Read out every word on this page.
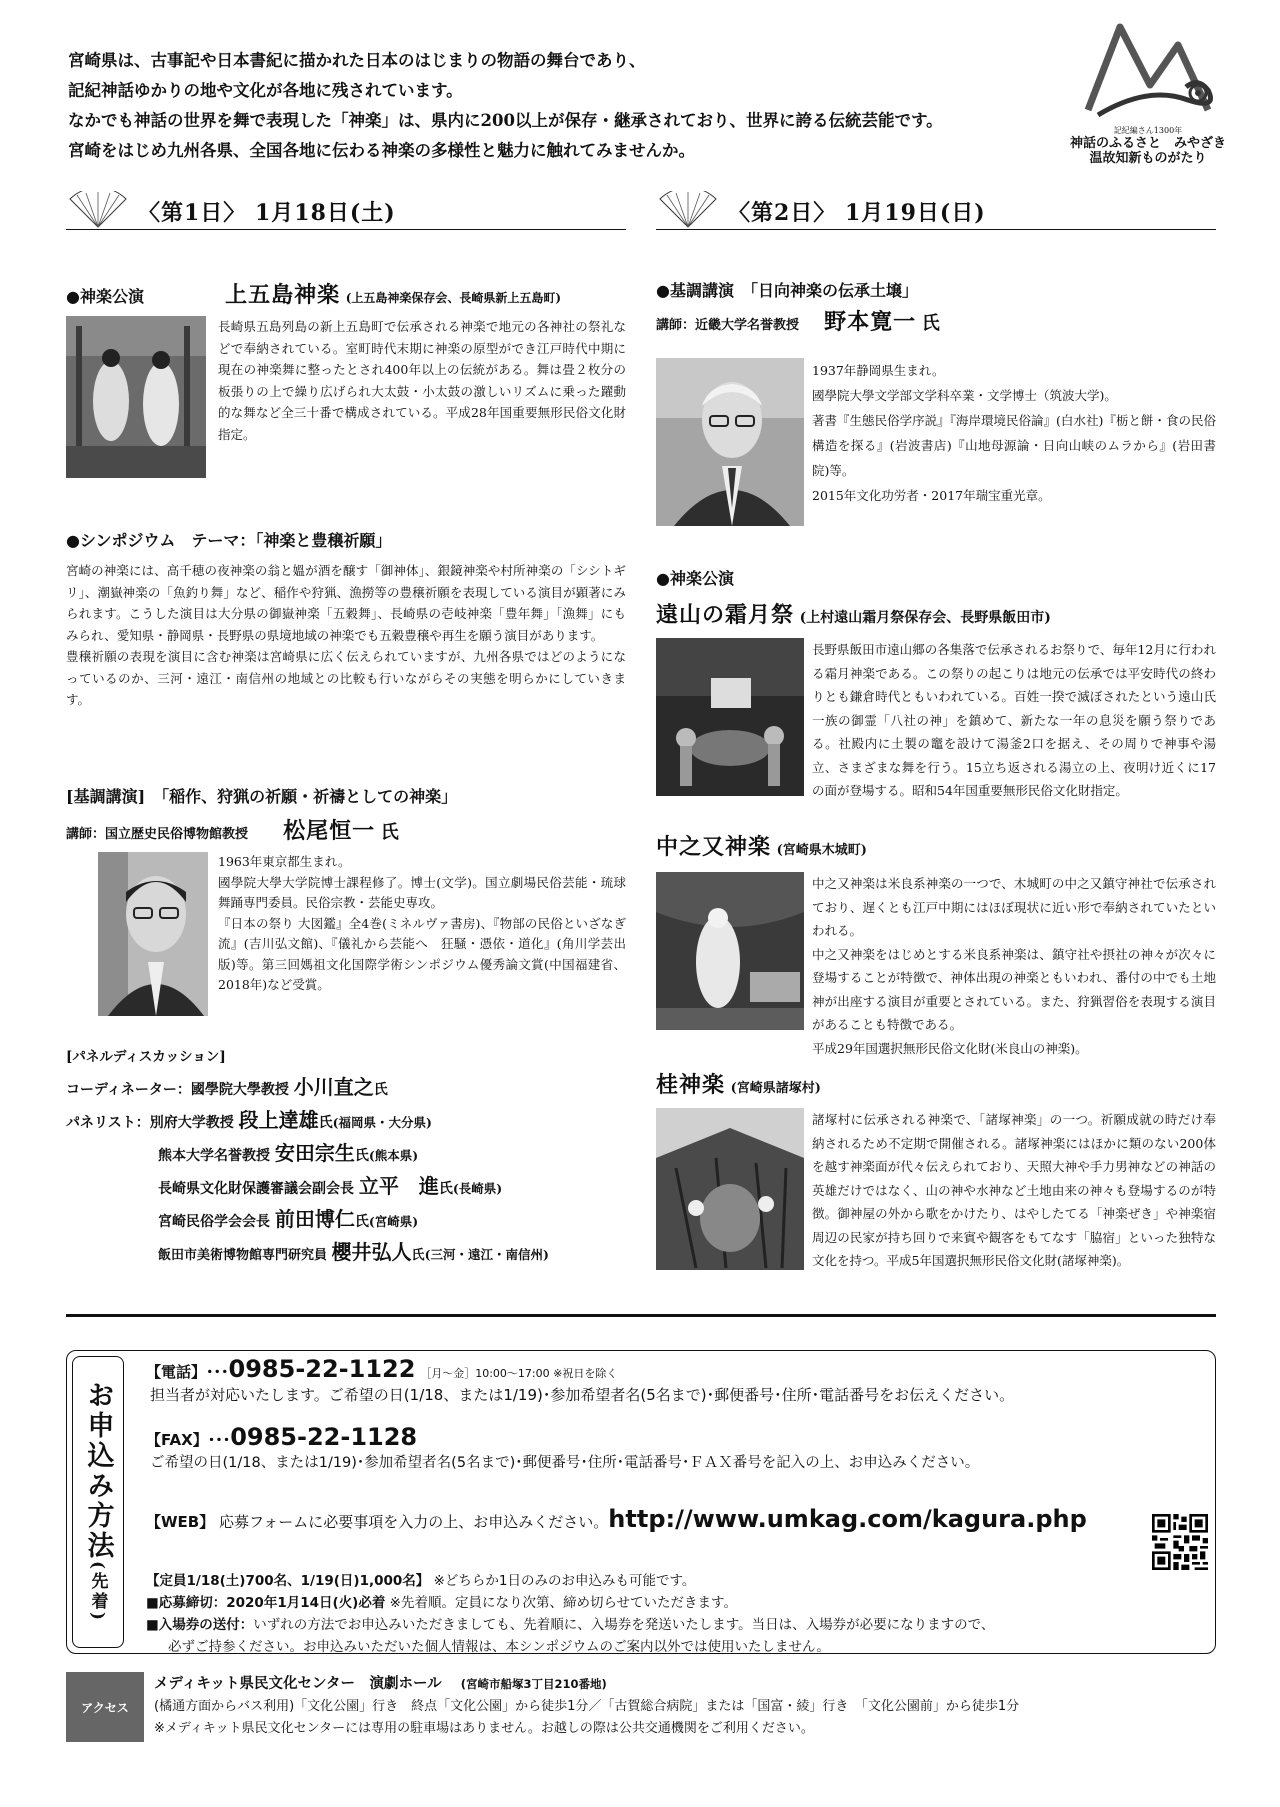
宮崎県は、古事記や日本書紀に描かれた日本のはじまりの物語の舞台であり、
記紀神話ゆかりの地や文化が各地に残されています。
なかでも神話の世界を舞で表現した「神楽」は、県内に200以上が保存・継承されており、世界に誇る伝統芸能です。
宮崎をはじめ九州各県、全国各地に伝わる神楽の多様性と魅力に触れてみませんか。
記紀編さん1300年
神話のふるさと　みやざき
温故知新ものがたり
〈第1日〉 1月18日(土)	〈第2日〉 1月19日(日)
●神楽公演	上五島神楽 (上五島神楽保存会、長崎県新上五島町)
長崎県五島列島の新上五島町で伝承される神楽で地元の各神社の祭礼などで奉納されている。室町時代末期に神楽の原型ができ江戸時代中期に現在の神楽舞に整ったとされ400年以上の伝統がある。舞は畳２枚分の板張りの上で繰り広げられ大太鼓・小太鼓の激しいリズムに乗った躍動的な舞など全三十番で構成されている。平成28年国重要無形民俗文化財指定。
●シンポジウム　テーマ：「神楽と豊穣祈願」

宮崎の神楽には、高千穂の夜神楽の翁と媼が酒を醸す「御神体」、銀鏡神楽や村所神楽の「シシトギリ」、潮嶽神楽の「魚釣り舞」など、稲作や狩猟、漁撈等の豊穣祈願を表現している演目が顕著にみられます。こうした演目は大分県の御嶽神楽「五穀舞」、長崎県の壱岐神楽「豊年舞」「漁舞」にもみられ、愛知県・静岡県・長野県の県境地域の神楽でも五穀豊穣や再生を願う演目があります。

豊穣祈願の表現を演目に含む神楽は宮崎県に広く伝えられていますが、九州各県ではどのようになっているのか、三河・遠江・南信州の地域との比較も行いながらその実態を明らかにしていきます。

[基調講演]　「稲作、狩猟の祈願・祈禱としての神楽」
講師：国立歴史民俗博物館教授 松尾恒一 氏
1963年東京都生まれ。
國學院大學大学院博士課程修了。博士(文学)。国立劇場民俗芸能・琉球舞踊専門委員。民俗宗教・芸能史専攻。
『日本の祭り 大図鑑』全4巻(ミネルヴァ書房)、『物部の民俗といざなぎ流』(吉川弘文館)、『儀礼から芸能へ　狂騒・憑依・道化』(角川学芸出版)等。第三回媽祖文化国際学術シンポジウム優秀論文賞(中国福建省、2018年)など受賞。
[パネルディスカッション]
コーディネーター：國學院大學教授 小川直之氏
パネリスト：別府大学教授 段上達雄氏(福岡県・大分県)
熊本大学名誉教授 安田宗生氏(熊本県)
長崎県文化財保護審議会副会長 立平　進氏(長崎県)
宮崎民俗学会会長 前田博仁氏(宮崎県)
飯田市美術博物館専門研究員 櫻井弘人氏(三河・遠江・南信州)
●基調講演　「日向神楽の伝承土壌」
講師：近畿大学名誉教授 野本寛一 氏
1937年静岡県生まれ。
國學院大學文学部文学科卒業・文学博士（筑波大学)。
著書『生態民俗学序説』『海岸環境民俗論』(白水社)『栃と餅・食の民俗構造を探る』(岩波書店)『山地母源論・日向山峡のムラから』(岩田書院)等。
2015年文化功労者・2017年瑞宝重光章。
●神楽公演
遠山の霜月祭 (上村遠山霜月祭保存会、長野県飯田市)
長野県飯田市遠山郷の各集落で伝承されるお祭りで、毎年12月に行われる霜月神楽である。この祭りの起こりは地元の伝承では平安時代の終わりとも鎌倉時代ともいわれている。百姓一揆で滅ぼされたという遠山氏一族の御霊「八社の神」を鎮めて、新たな一年の息災を願う祭りである。社殿内に土製の竈を設けて湯釜2口を据え、その周りで神事や湯立、さまざまな舞を行う。15立ち返される湯立の上、夜明け近くに17の面が登場する。昭和54年国重要無形民俗文化財指定。
中之又神楽 (宮崎県木城町)
中之又神楽は米良系神楽の一つで、木城町の中之又鎮守神社で伝承されており、遅くとも江戸中期にはほぼ現状に近い形で奉納されていたといわれる。
中之又神楽をはじめとする米良系神楽は、鎮守社や摂社の神々が次々に登場することが特徴で、神体出現の神楽ともいわれ、番付の中でも土地神が出座する演目が重要とされている。また、狩猟習俗を表現する演目があることも特徴である。
平成29年国選択無形民俗文化財(米良山の神楽)。
桂神楽 (宮崎県諸塚村)
諸塚村に伝承される神楽で、「諸塚神楽」の一つ。祈願成就の時だけ奉納されるため不定期で開催される。諸塚神楽にはほかに類のない200体を越す神楽面が代々伝えられており、天照大神や手力男神などの神話の英雄だけではなく、山の神や水神など土地由来の神々も登場するのが特徴。御神屋の外から歌をかけたり、はやしたてる「神楽ぜき」や神楽宿周辺の民家が持ち回りで来賓や観客をもてなす「脇宿」といった独特な文化を持つ。平成5年国選択無形民俗文化財(諸塚神楽)。
お申込み方法
(先着)
【電話】･･･0985-22-1122 ［月～金］10:00～17:00 ※祝日を除く
担当者が対応いたします。ご希望の日(1/18、または1/19)･参加希望者名(5名まで)･郵便番号･住所･電話番号をお伝えください。
【FAX】･･･0985-22-1128
ご希望の日(1/18、または1/19)･参加希望者名(5名まで)･郵便番号･住所･電話番号･ＦＡＸ番号を記入の上、お申込みください。
【WEB】 応募フォームに必要事項を入力の上、お申込みください。http://www.umkag.com/kagura.php
【定員1/18(土)700名、1/19(日)1,000名】 ※どちらか1日のみのお申込みも可能です。
■応募締切：2020年1月14日(火)必着 ※先着順。定員になり次第、締め切らせていただきます。
■入場券の送付：いずれの方法でお申込みいただきましても、先着順に、入場券を発送いたします。当日は、入場券が必要になりますので、
必ずご持参ください。お申込みいただいた個人情報は、本シンポジウムのご案内以外では使用いたしません。
アクセス
メディキット県民文化センター　演劇ホール (宮崎市船塚3丁目210番地)
(橘通方面からバス利用)「文化公園」行き　終点「文化公園」から徒歩1分／「古賀総合病院」または「国富・綾」行き　「文化公園前」から徒歩1分
※メディキット県民文化センターには専用の駐車場はありません。お越しの際は公共交通機関をご利用ください。
